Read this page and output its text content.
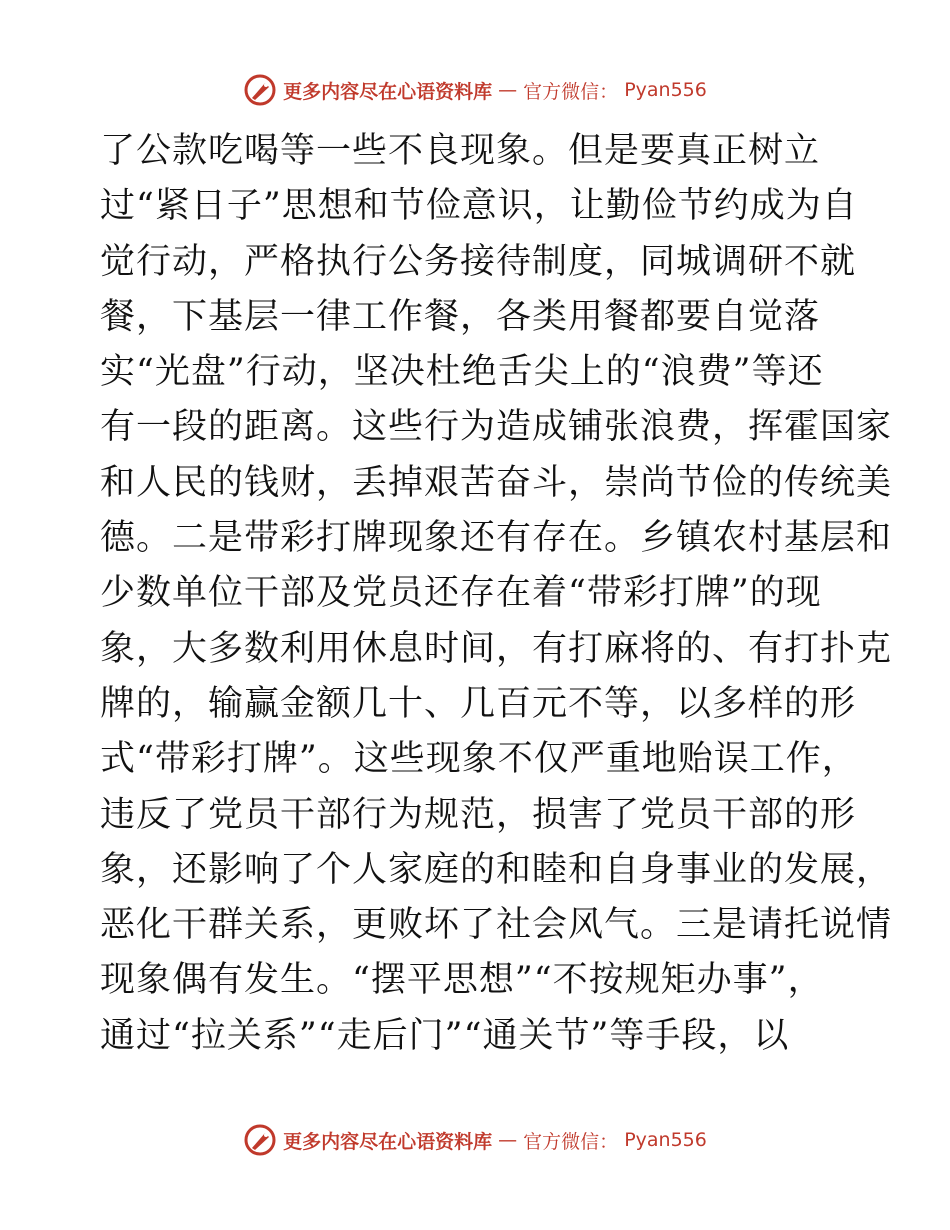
更多内容尽在心语资料库 — 官方微信： Pyan556
了公款吃喝等一些不良现象。但是要真正树立
过“紧日子”思想和节俭意识，让勤俭节约成为自
觉行动，严格执行公务接待制度，同城调研不就
餐，下基层一律工作餐，各类用餐都要自觉落
实“光盘”行动，坚决杜绝舌尖上的“浪费”等还
有一段的距离。这些行为造成铺张浪费，挥霍国家
和人民的钱财，丢掉艰苦奋斗，崇尚节俭的传统美
德。二是带彩打牌现象还有存在。乡镇农村基层和
少数单位干部及党员还存在着“带彩打牌”的现
象，大多数利用休息时间，有打麻将的、有打扑克
牌的，输赢金额几十、几百元不等，以多样的形
式“带彩打牌”。这些现象不仅严重地贻误工作，
违反了党员干部行为规范，损害了党员干部的形
象，还影响了个人家庭的和睦和自身事业的发展，
恶化干群关系，更败坏了社会风气。三是请托说情
现象偶有发生。“摆平思想”“不按规矩办事”，
通过“拉关系”“走后门”“通关节”等手段，以
更多内容尽在心语资料库 — 官方微信： Pyan556
